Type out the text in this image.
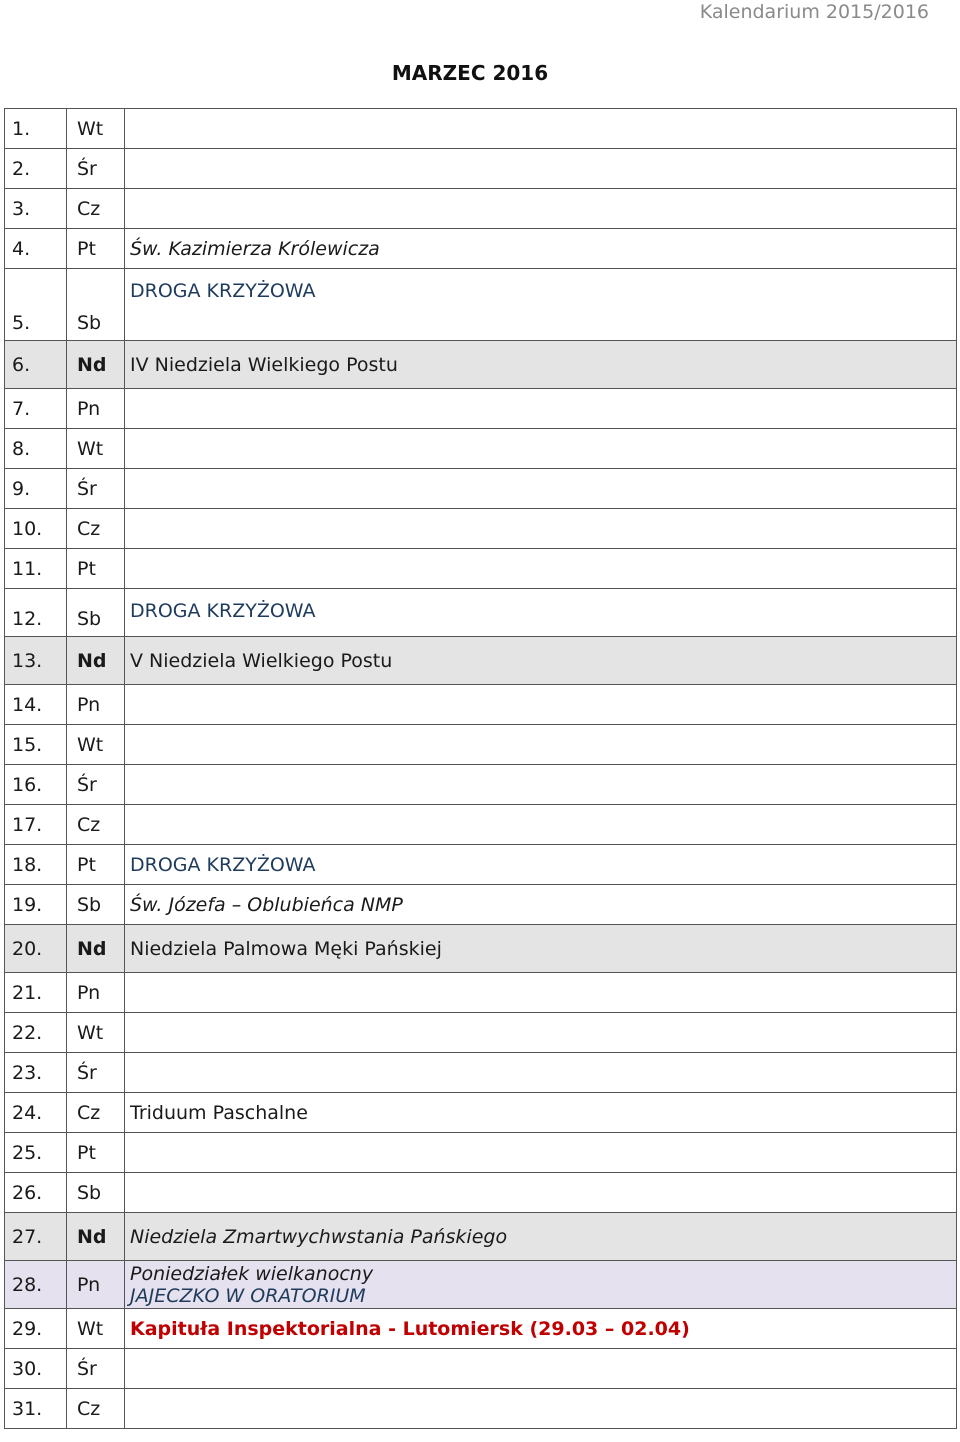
Kalendarium 2015/2016
MARZEC 2016
1.	Wt	
2.	Śr	
3.	Cz	
4.	Pt	Św. Kazimierza Królewicza

5.	Sb	DROGA KRZYŻOWA

6.	Nd	IV Niedziela Wielkiego Postu

7.	Pn	
8.	Wt	
9.	Śr	
10.	Cz	
11.	Pt	
12.	Sb	DROGA KRZYŻOWA

13.	Nd	V Niedziela Wielkiego Postu

14.	Pn	
15.	Wt	
16.	Śr	
17.	Cz	
18.	Pt	DROGA KRZYŻOWA

19.	Sb	Św. Józefa – Oblubieńca NMP

20.	Nd	Niedziela Palmowa Męki Pańskiej

21.	Pn	
22.	Wt	
23.	Śr	
24.	Cz	Triduum Paschalne

25.	Pt	
26.	Sb	
27.	Nd	Niedziela Zmartwychwstania Pańskiego

28.	Pn	Poniedziałek wielkanocny
JAJECZKO W ORATORIUM

29.	Wt	Kapituła Inspektorialna - Lutomiersk (29.03 – 02.04)

30.	Śr	
31.	Cz	
